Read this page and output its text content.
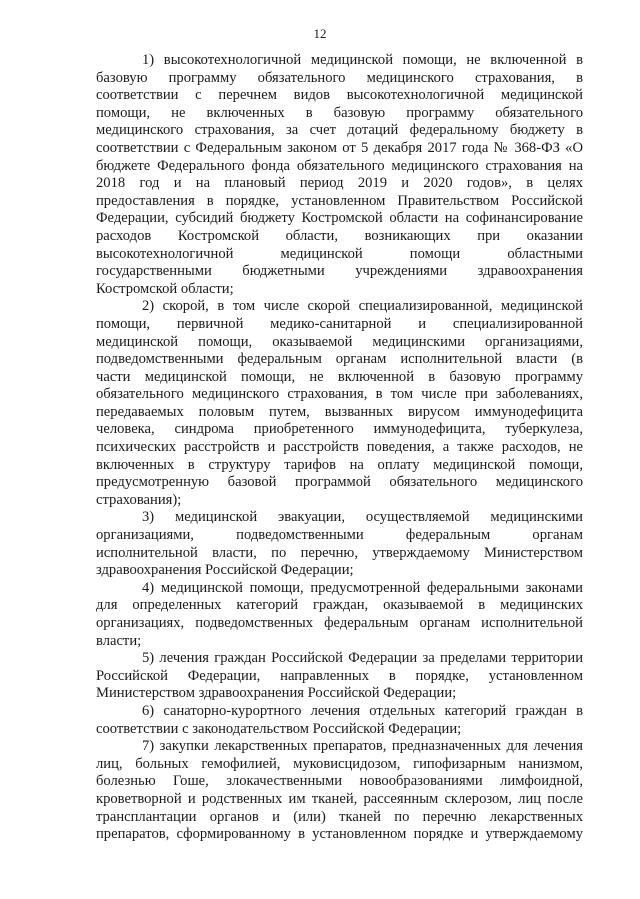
12

1) высокотехнологичной медицинской помощи, не включенной в
базовую программу обязательного медицинского страхования, в
соответствии с перечнем видов высокотехнологичной медицинской
помощи, не включенных в базовую программу обязательного
медицинского страхования, за счет дотаций федеральному бюджету в
соответствии с Федеральным законом от 5 декабря 2017 года № 368-ФЗ «О
бюджете Федерального фонда обязательного медицинского страхования на
2018 год и на плановый период 2019 и 2020 годов», в целях
предоставления в порядке, установленном Правительством Российской
Федерации, субсидий бюджету Костромской области на софинансирование
расходов Костромской области, возникающих при оказании
высокотехнологичной медицинской помощи областными
государственными бюджетными учреждениями здравоохранения
Костромской области;

2) скорой, в том числе скорой специализированной, медицинской
помощи, первичной медико-санитарной и специализированной
медицинской помощи, оказываемой медицинскими организациями,
подведомственными федеральным органам исполнительной власти (в
части медицинской помощи, не включенной в базовую программу
обязательного медицинского страхования, в том числе при заболеваниях,
передаваемых половым путем, вызванных вирусом иммунодефицита
человека, синдрома приобретенного иммунодефицита, туберкулеза,
психических расстройств и расстройств поведения, а также расходов, не
включенных в структуру тарифов на оплату медицинской помощи,
предусмотренную базовой программой обязательного медицинского
страхования);

3) медицинской эвакуации, осуществляемой медицинскими
организациями, подведомственными федеральным органам
исполнительной власти, по перечню, утверждаемому Министерством
здравоохранения Российской Федерации;

4) медицинской помощи, предусмотренной федеральными законами
для определенных категорий граждан, оказываемой в медицинских
организациях, подведомственных федеральным органам исполнительной
власти;

5) лечения граждан Российской Федерации за пределами территории
Российской Федерации, направленных в порядке, установленном
Министерством здравоохранения Российской Федерации;

6) санаторно-курортного лечения отдельных категорий граждан в
соответствии с законодательством Российской Федерации;

7) закупки лекарственных препаратов, предназначенных для лечения
лиц, больных гемофилией, муковисцидозом, гипофизарным нанизмом,
болезнью Гоше, злокачественными новообразованиями лимфоидной,
кроветворной и родственных им тканей, рассеянным склерозом, лиц после
трансплантации органов и (или) тканей по перечню лекарственных
препаратов, сформированному в установленном порядке и утверждаемому
